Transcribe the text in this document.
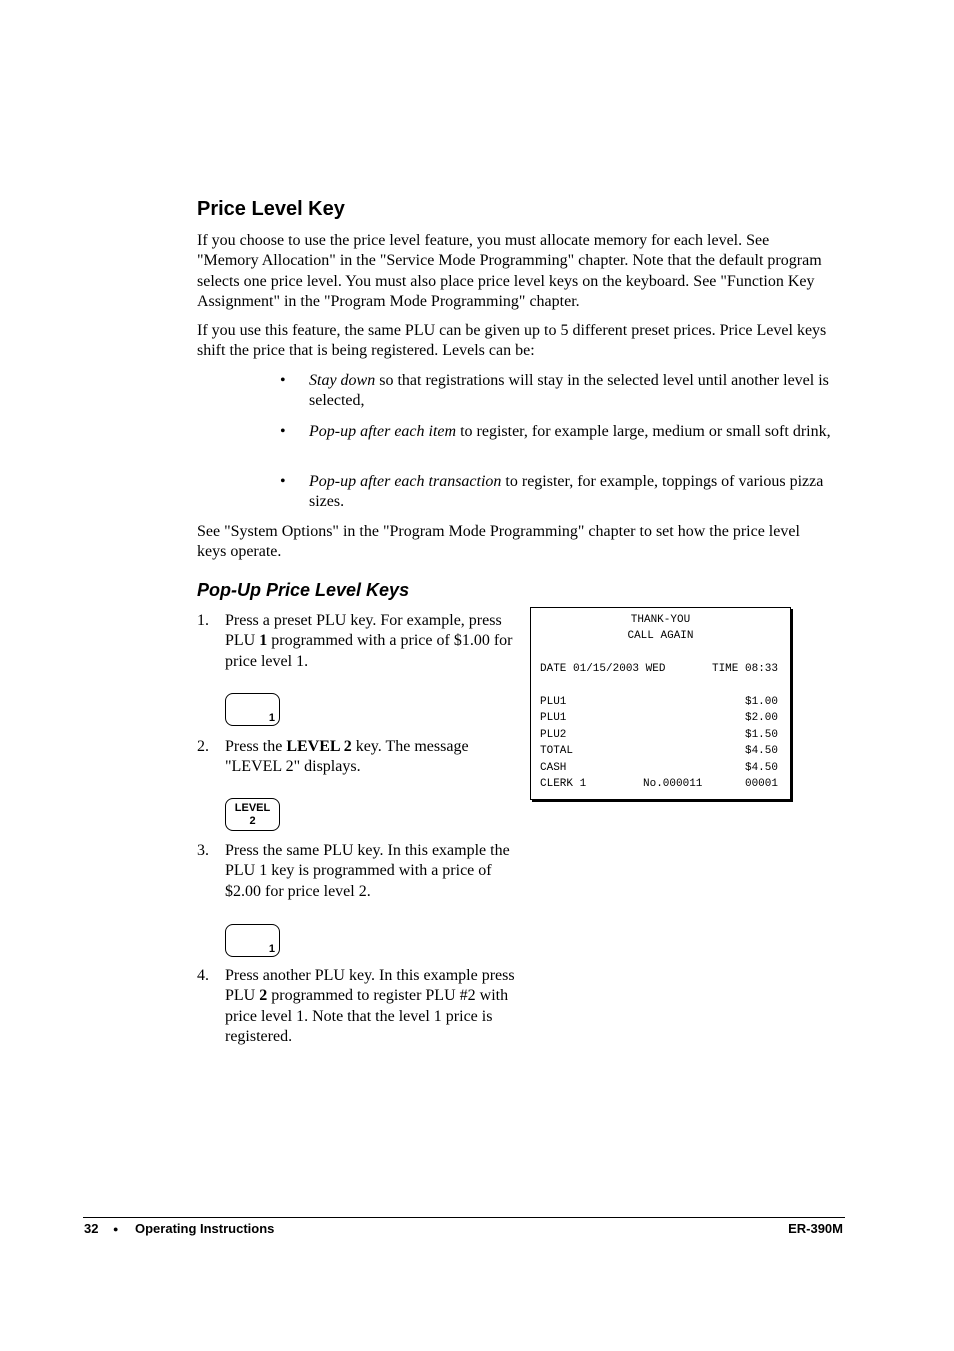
Price Level Key

If you choose to use the price level feature, you must allocate memory for each level. See "Memory Allocation" in the "Service Mode Programming" chapter. Note that the default program selects one price level. You must also place price level keys on the keyboard. See "Function Key Assignment" in the "Program Mode Programming" chapter.

If you use this feature, the same PLU can be given up to 5 different preset prices. Price Level keys shift the price that is being registered. Levels can be:

• Stay down so that registrations will stay in the selected level until another level is selected,

• Pop-up after each item to register, for example large, medium or small soft drink,

• Pop-up after each transaction to register, for example, toppings of various pizza sizes.

See "System Options" in the "Program Mode Programming" chapter to set how the price level keys operate.

Pop-Up Price Level Keys
1. Press a preset PLU key. For example, press PLU 1 programmed with a price of $1.00 for price level 1.
1
2. Press the LEVEL 2 key. The message "LEVEL 2" displays.
LEVEL
2
3. Press the same PLU key. In this example the PLU 1 key is programmed with a price of $2.00 for price level 2.
1
4. Press another PLU key. In this example press PLU 2 programmed to register PLU #2 with price level 1. Note that the level 1 price is registered.
THANK-YOU
CALL AGAIN
DATE 01/15/2003 WED	TIME 08:33
PLU1	$1.00
PLU1	$2.00
PLU2	$1.50
TOTAL	$4.50
CASH	$4.50
CLERK 1	No.000011	00001
32 ● Operating Instructions	ER-390M
